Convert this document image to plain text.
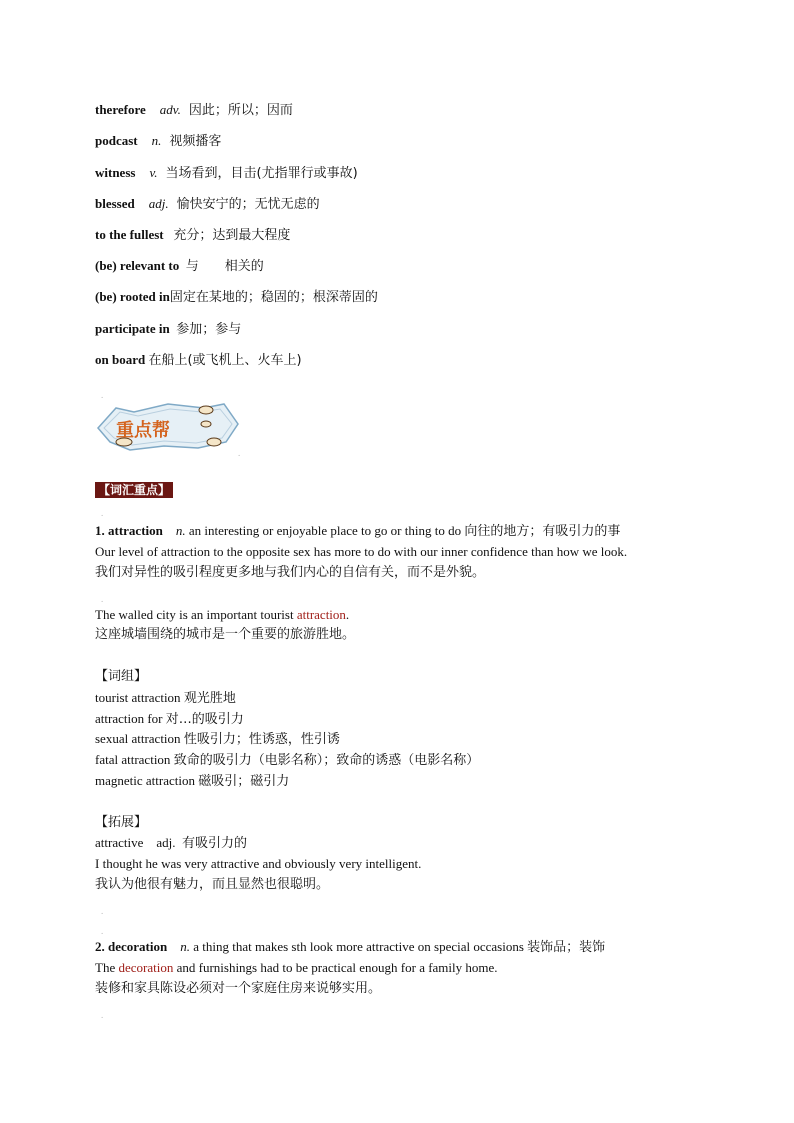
therefore adv. 因此；所以；因而
podcast n. 视频播客
witness v. 当场看到，目击(尤指罪行或事故)
blessed adj. 愉快安宁的；无忧无虑的
to the fullest 充分；达到最大程度
(be) relevant to 与　　相关的
(be) rooted in固定在某地的；稳固的；根深蒂固的
participate in 参加；参与
on board 在船上(或飞机上、火车上)
重点帮
.
.
【词汇重点】
.
1. attraction n. an interesting or enjoyable place to go or thing to do 向往的地方；有吸引力的事
Our level of attraction to the opposite sex has more to do with our inner confidence than how we look.
我们对异性的吸引程度更多地与我们内心的自信有关，而不是外貌。
.
The walled city is an important tourist attraction.
这座城墙围绕的城市是一个重要的旅游胜地。
【词组】
tourist attraction 观光胜地
attraction for 对…的吸引力
sexual attraction 性吸引力；性诱惑，性引诱
fatal attraction 致命的吸引力（电影名称）；致命的诱惑（电影名称）
magnetic attraction 磁吸引；磁引力
【拓展】
attractive adj. 有吸引力的
I thought he was very attractive and obviously very intelligent.
我认为他很有魅力，而且显然也很聪明。
.
.
2. decoration n. a thing that makes sth look more attractive on special occasions 装饰品；装饰
The decoration and furnishings had to be practical enough for a family home.
装修和家具陈设必须对一个家庭住房来说够实用。
.
